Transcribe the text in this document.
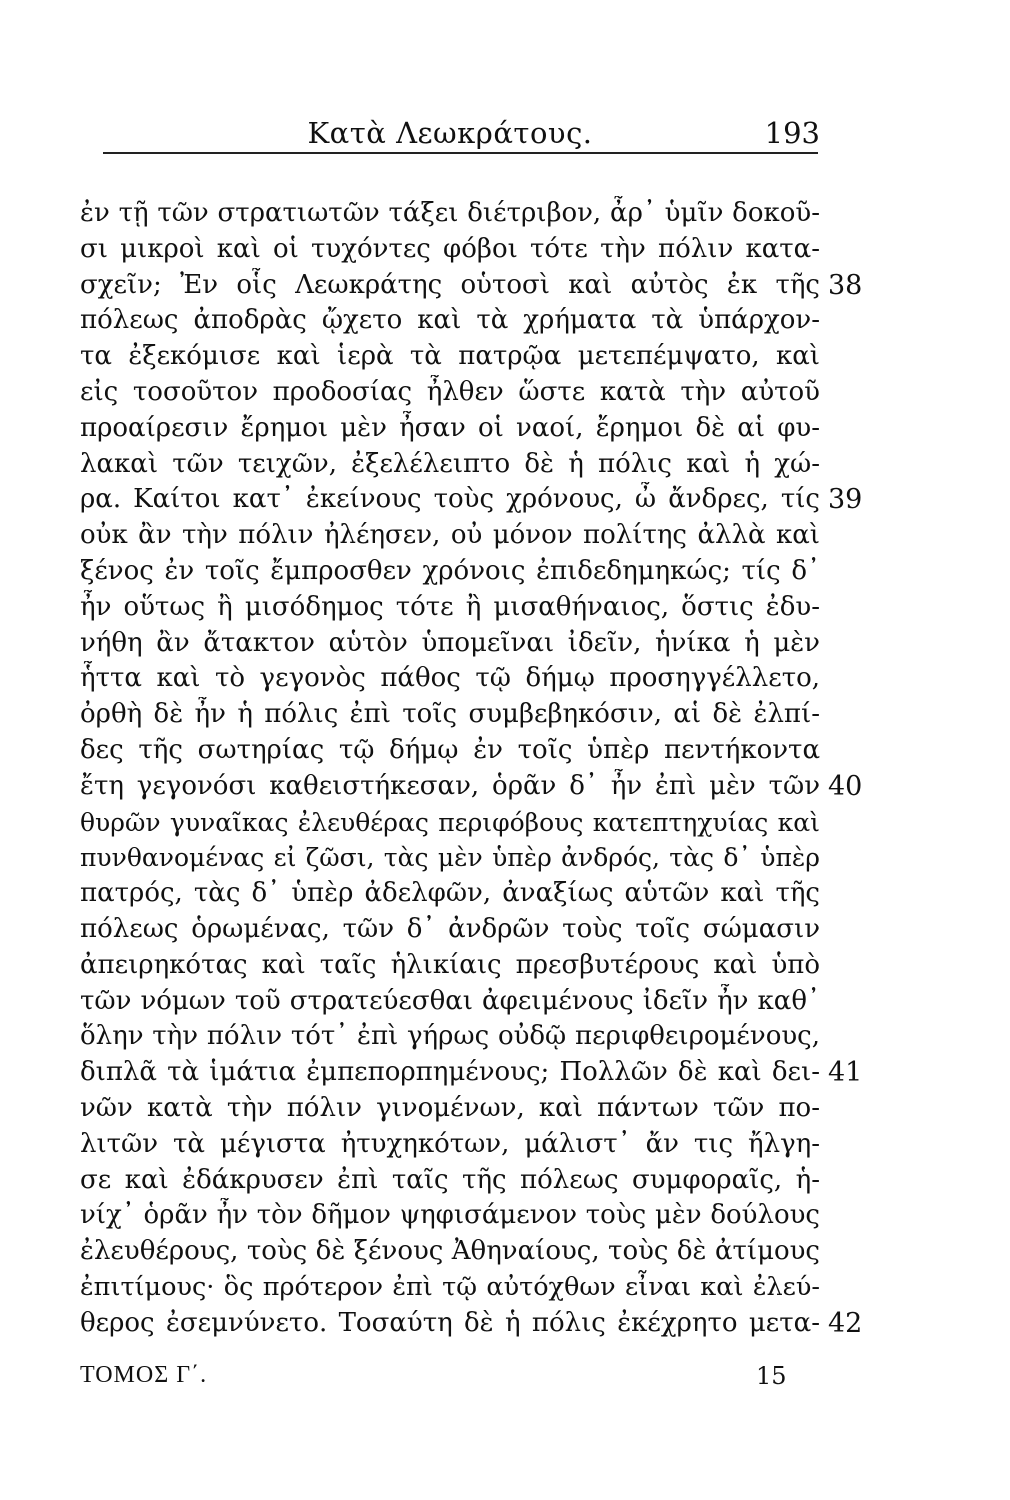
Κατὰ Λεωκράτους.	193
ἐν τῇ τῶν στρατιωτῶν τάξει διέτριβον, ἆρ᾽ ὑμῖν δοκοῦ-
σι μικροὶ καὶ οἱ τυχόντες φόβοι τότε τὴν πόλιν κατα-
σχεῖν; Ἐν οἷς Λεωκράτης οὑτοσὶ καὶ αὐτὸς ἐκ τῆς
πόλεως ἀποδρὰς ᾤχετο καὶ τὰ χρήματα τὰ ὑπάρχον-
τα ἐξεκόμισε καὶ ἱερὰ τὰ πατρῷα μετεπέμψατο, καὶ
εἰς τοσοῦτον προδοσίας ἦλθεν ὥστε κατὰ τὴν αὐτοῦ
προαίρεσιν ἔρημοι μὲν ἦσαν οἱ ναοί, ἔρημοι δὲ αἱ φυ-
λακαὶ τῶν τειχῶν, ἐξελέλειπτο δὲ ἡ πόλις καὶ ἡ χώ-
ρα. Καίτοι κατ᾽ ἐκείνους τοὺς χρόνους, ὦ ἄνδρες, τίς
οὐκ ἂν τὴν πόλιν ἠλέησεν, οὐ μόνον πολίτης ἀλλὰ καὶ
ξένος ἐν τοῖς ἔμπροσθεν χρόνοις ἐπιδεδημηκώς; τίς δ᾽
ἦν οὕτως ἢ μισόδημος τότε ἢ μισαθήναιος, ὅστις ἐδυ-
νήθη ἂν ἄτακτον αὑτὸν ὑπομεῖναι ἰδεῖν, ἡνίκα ἡ μὲν
ἧττα καὶ τὸ γεγονὸς πάθος τῷ δήμῳ προσηγγέλλετο,
ὀρθὴ δὲ ἦν ἡ πόλις ἐπὶ τοῖς συμβεβηκόσιν, αἱ δὲ ἐλπί-
δες τῆς σωτηρίας τῷ δήμῳ ἐν τοῖς ὑπὲρ πεντήκοντα
ἔτη γεγονόσι καθειστήκεσαν, ὁρᾶν δ᾽ ἦν ἐπὶ μὲν τῶν
θυρῶν γυναῖκας ἐλευθέρας περιφόβους κατεπτηχυίας καὶ
πυνθανομένας εἰ ζῶσι, τὰς μὲν ὑπὲρ ἀνδρός, τὰς δ᾽ ὑπὲρ
πατρός, τὰς δ᾽ ὑπὲρ ἀδελφῶν, ἀναξίως αὑτῶν καὶ τῆς
πόλεως ὁρωμένας, τῶν δ᾽ ἀνδρῶν τοὺς τοῖς σώμασιν
ἀπειρηκότας καὶ ταῖς ἡλικίαις πρεσβυτέρους καὶ ὑπὸ
τῶν νόμων τοῦ στρατεύεσθαι ἀφειμένους ἰδεῖν ἦν καθ᾽
ὅλην τὴν πόλιν τότ᾽ ἐπὶ γήρως οὐδῷ περιφθειρομένους,
διπλᾶ τὰ ἱμάτια ἐμπεπορπημένους; Πολλῶν δὲ καὶ δει-
νῶν κατὰ τὴν πόλιν γινομένων, καὶ πάντων τῶν πο-
λιτῶν τὰ μέγιστα ἠτυχηκότων, μάλιστ᾽ ἄν τις ἤλγη-
σε καὶ ἐδάκρυσεν ἐπὶ ταῖς τῆς πόλεως συμφοραῖς, ἡ-
νίχ᾽ ὁρᾶν ἦν τὸν δῆμον ψηφισάμενον τοὺς μὲν δούλους
ἐλευθέρους, τοὺς δὲ ξένους Ἀθηναίους, τοὺς δὲ ἀτίμους
ἐπιτίμους· ὃς πρότερον ἐπὶ τῷ αὐτόχθων εἶναι καὶ ἐλεύ-
θερος ἐσεμνύνετο. Τοσαύτη δὲ ἡ πόλις ἐκέχρητο μετα-
38
39
40
41
42
ΤΟΜΟΣ Γ΄.	15
